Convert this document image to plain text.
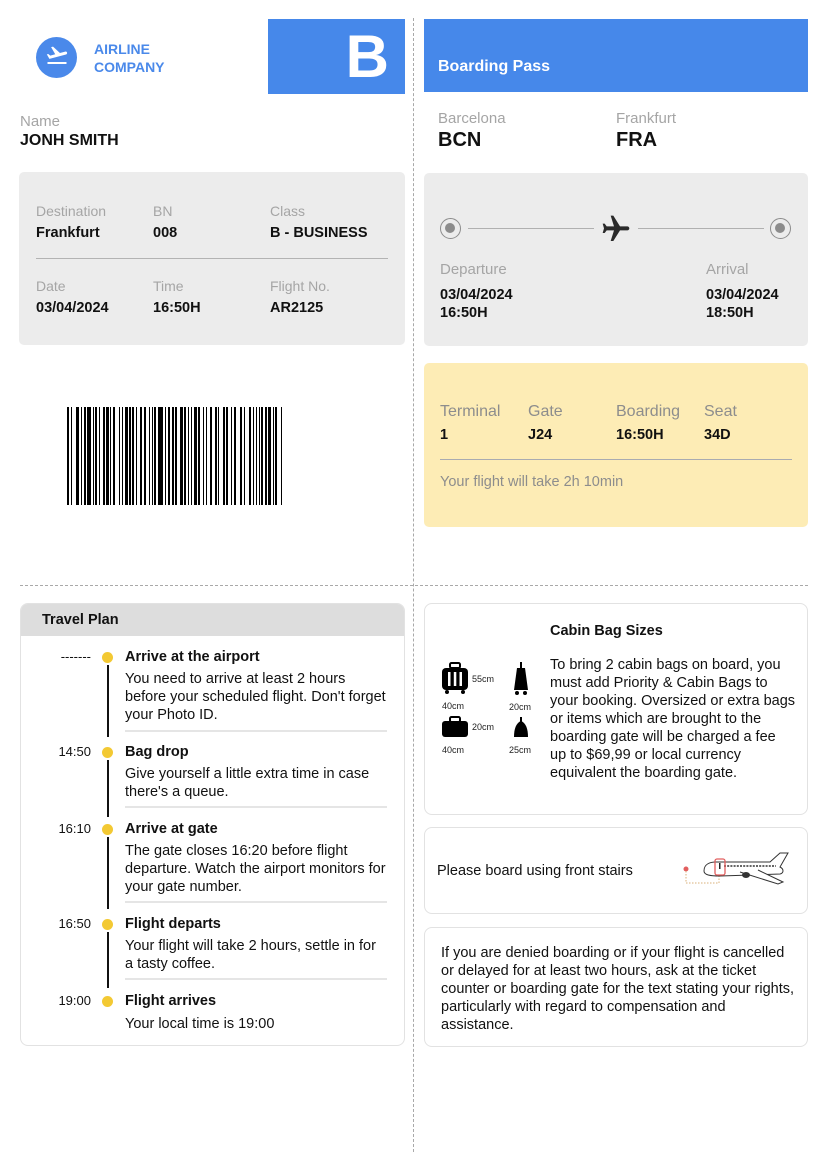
AIRLINE
COMPANY	B	Boarding Pass
Name
JONH SMITH
Barcelona
BCN
Frankfurt
FRA
Destination
Frankfurt
BN
008
Class
B - BUSINESS
Date
03/04/2024
Time
16:50H
Flight No.
AR2125
Departure
03/04/2024
16:50H
Arrival
03/04/2024
18:50H
Terminal
1
Gate
J24
Boarding
16:50H
Seat
34D
Your flight will take 2h 10min
Travel Plan
------- Arrive at the airport
You need to arrive at least 2 hours before your scheduled flight. Don't forget your Photo ID.
14:50 Bag drop
Give yourself a little extra time in case there's a queue.
16:10 Arrive at gate
The gate closes 16:20 before flight departure. Watch the airport monitors for your gate number.
16:50 Flight departs
Your flight will take 2 hours, settle in for a tasty coffee.
19:00 Flight arrives
Your local time is 19:00
55cm
40cm	20cm
20cm
40cm	25cm
Cabin Bag Sizes
To bring 2 cabin bags on board, you must add Priority & Cabin Bags to your booking. Oversized or extra bags or items which are brought to the boarding gate will be charged a fee up to $69,99 or local currency equivalent the boarding gate.
Please board using front stairs
If you are denied boarding or if your flight is cancelled or delayed for at least two hours, ask at the ticket counter or boarding gate for the text stating your rights, particularly with regard to compensation and assistance.
